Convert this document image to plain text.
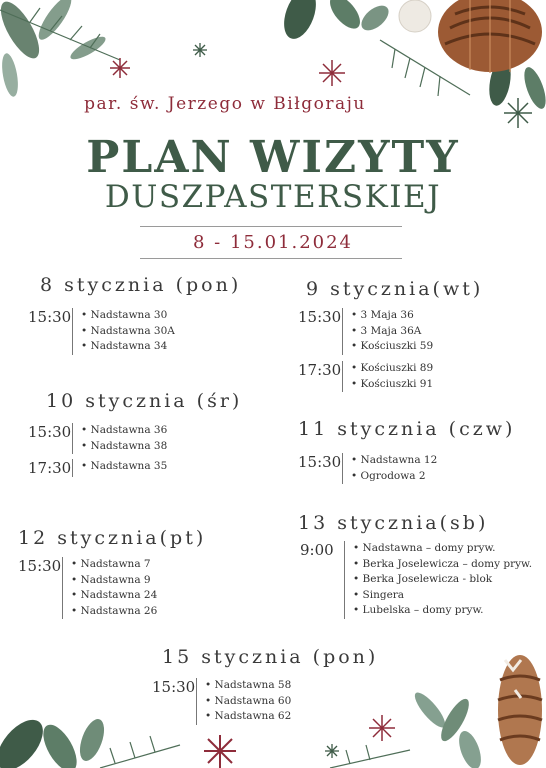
par. św. Jerzego w Biłgoraju
PLAN WIZYTY
DUSZPASTERSKIEJ
8 - 15.01.2024
8 stycznia (pon)
15:30	• Nadstawna 30
• Nadstawna 30A
• Nadstawna 34
9 stycznia(wt)
15:30	• 3 Maja 36
• 3 Maja 36A
• Kościuszki 59
17:30	• Kościuszki 89
• Kościuszki 91
10 stycznia (śr)
15:30	• Nadstawna 36
• Nadstawna 38
17:30	• Nadstawna 35
11 stycznia (czw)
15:30	• Nadstawna 12
• Ogrodowa 2
12 stycznia(pt)
15:30	• Nadstawna 7
• Nadstawna 9
• Nadstawna 24
• Nadstawna 26
13 stycznia(sb)
9:00	• Nadstawna – domy pryw.
• Berka Joselewicza – domy pryw.
• Berka Joselewicza - blok
• Singera
• Lubelska – domy pryw.
15 stycznia (pon)
15:30	• Nadstawna 58
• Nadstawna 60
• Nadstawna 62
